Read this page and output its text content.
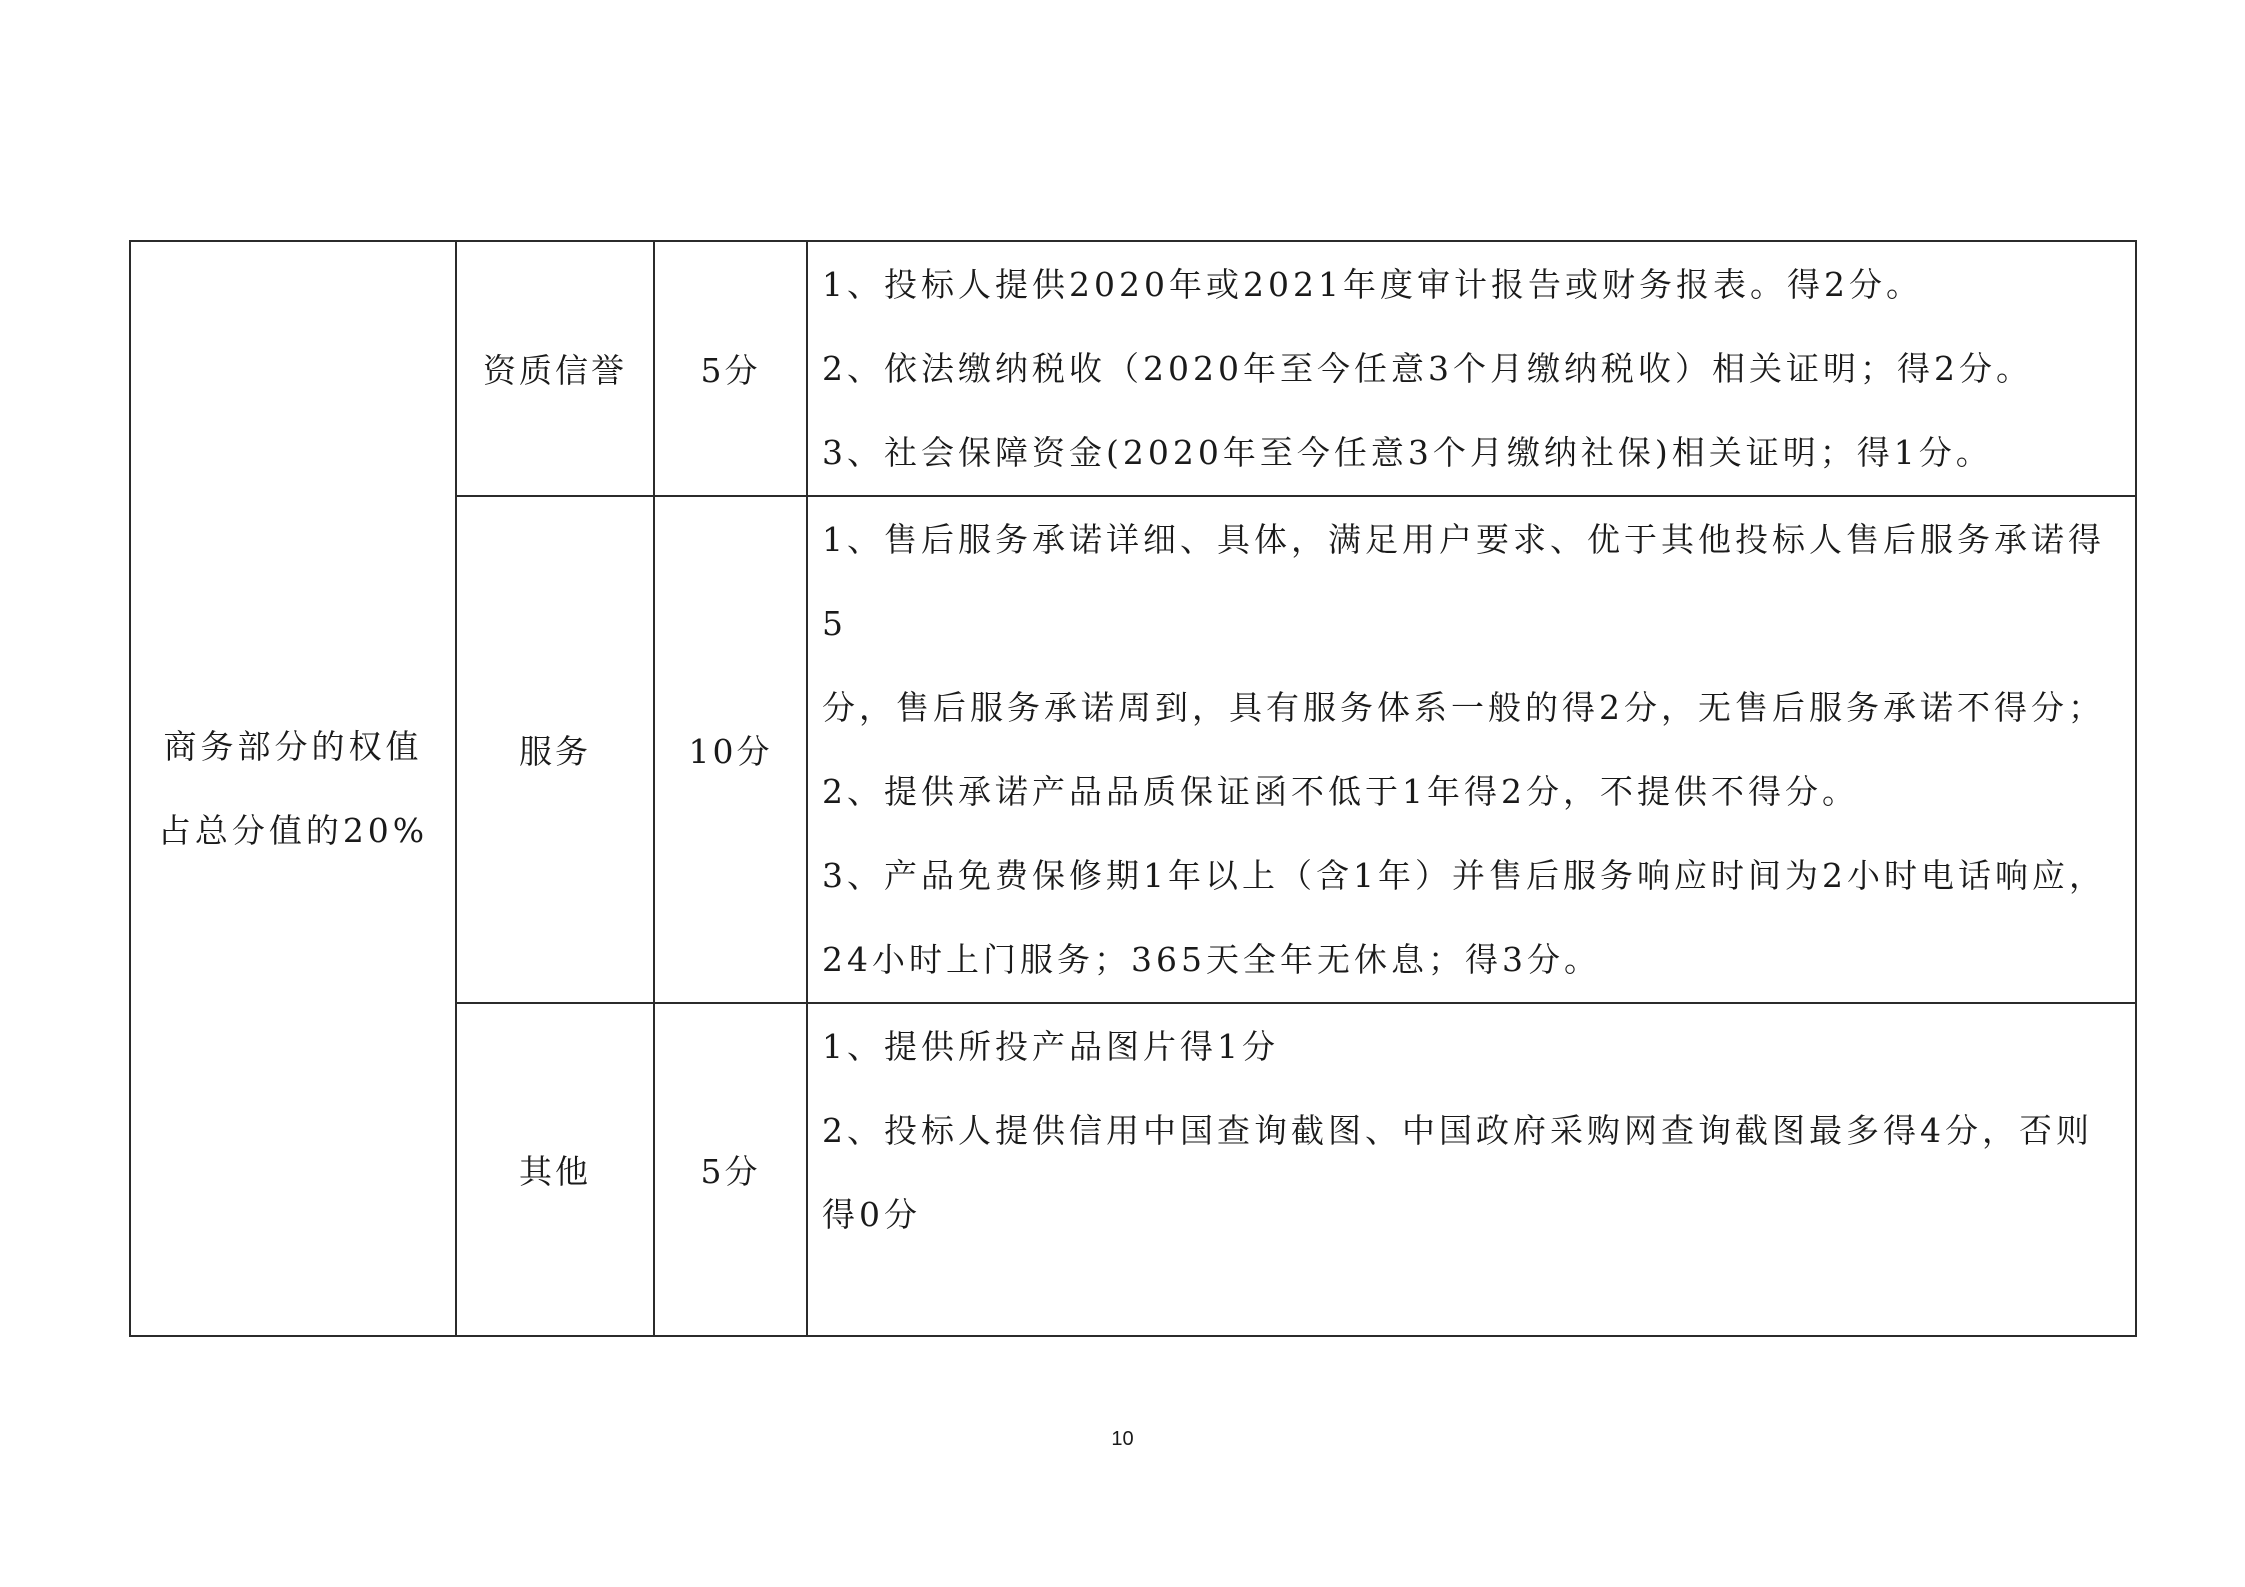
商务部分的权值
占总分值的20%	资质信誉	5分	1、投标人提供2020年或2021年度审计报告或财务报表。得2分。
2、依法缴纳税收（2020年至今任意3个月缴纳税收）相关证明；得2分。
3、社会保障资金(2020年至今任意3个月缴纳社保)相关证明；得1分。

	服务	10分	1、售后服务承诺详细、具体，满足用户要求、优于其他投标人售后服务承诺得5
分，售后服务承诺周到，具有服务体系一般的得2分，无售后服务承诺不得分；
2、提供承诺产品品质保证函不低于1年得2分，不提供不得分。
3、产品免费保修期1年以上（含1年）并售后服务响应时间为2小时电话响应，
24小时上门服务；365天全年无休息；得3分。

	其他	5分	1、提供所投产品图片得1分
2、投标人提供信用中国查询截图、中国政府采购网查询截图最多得4分，否则
得0分
10
